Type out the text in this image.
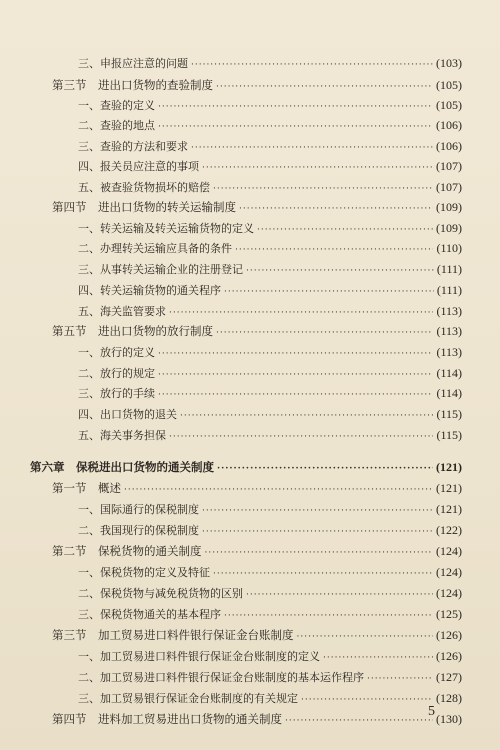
三、申报应注意的问题 ·····	(103)
第三节　进出口货物的查验制度 ·····	(105)
一、查验的定义 ·····	(105)
二、查验的地点 ·····	(106)
三、查验的方法和要求 ·····	(106)
四、报关员应注意的事项 ·····	(107)
五、被查验货物损坏的赔偿 ·····	(107)
第四节　进出口货物的转关运输制度 ·····	(109)
一、转关运输及转关运输货物的定义 ·····	(109)
二、办理转关运输应具备的条件 ·····	(110)
三、从事转关运输企业的注册登记 ·····	(111)
四、转关运输货物的通关程序 ·····	(111)
五、海关监管要求 ·····	(113)
第五节　进出口货物的放行制度 ·····	(113)
一、放行的定义 ·····	(113)
二、放行的规定 ·····	(114)
三、放行的手续 ·····	(114)
四、出口货物的退关 ·····	(115)
五、海关事务担保 ·····	(115)
第六章　保税进出口货物的通关制度 ·····	(121)
第一节　概述 ·····	(121)
一、国际通行的保税制度 ·····	(121)
二、我国现行的保税制度 ·····	(122)
第二节　保税货物的通关制度 ·····	(124)
一、保税货物的定义及特征 ·····	(124)
二、保税货物与减免税货物的区别 ·····	(124)
三、保税货物通关的基本程序 ·····	(125)
第三节　加工贸易进口料件银行保证金台账制度 ·····	(126)
一、加工贸易进口料件银行保证金台账制度的定义 ·····	(126)
二、加工贸易进口料件银行保证金台账制度的基本运作程序 ·····	(127)
三、加工贸易银行保证金台账制度的有关规定 ·····	(128)
第四节　进料加工贸易进出口货物的通关制度 ·····	(130)
5
